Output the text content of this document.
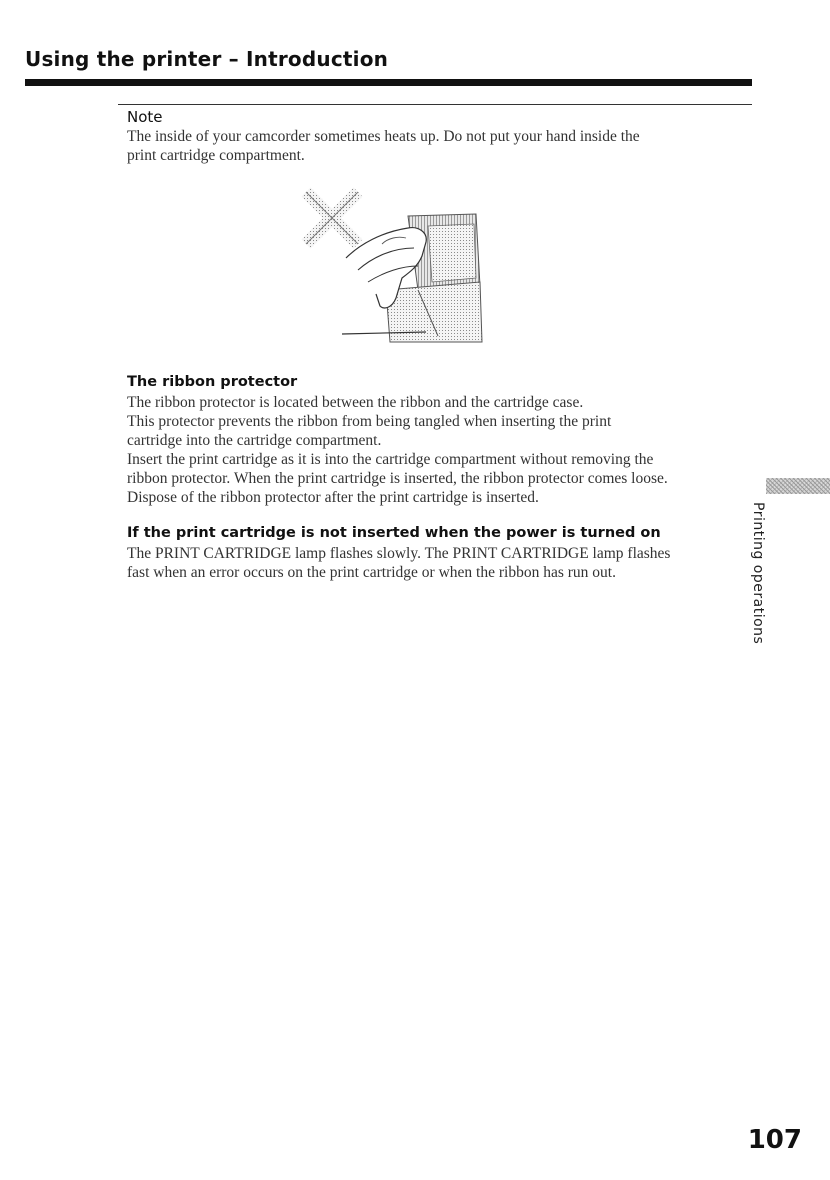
Using the printer – Introduction
Note
The inside of your camcorder sometimes heats up. Do not put your hand inside the
print cartridge compartment.
The ribbon protector
The ribbon protector is located between the ribbon and the cartridge case.
This protector prevents the ribbon from being tangled when inserting the print
cartridge into the cartridge compartment.
Insert the print cartridge as it is into the cartridge compartment without removing the
ribbon protector. When the print cartridge is inserted, the ribbon protector comes loose.
Dispose of the ribbon protector after the print cartridge is inserted.
If the print cartridge is not inserted when the power is turned on
The PRINT CARTRIDGE lamp flashes slowly. The PRINT CARTRIDGE lamp flashes
fast when an error occurs on the print cartridge or when the ribbon has run out.	Printing operations
107
